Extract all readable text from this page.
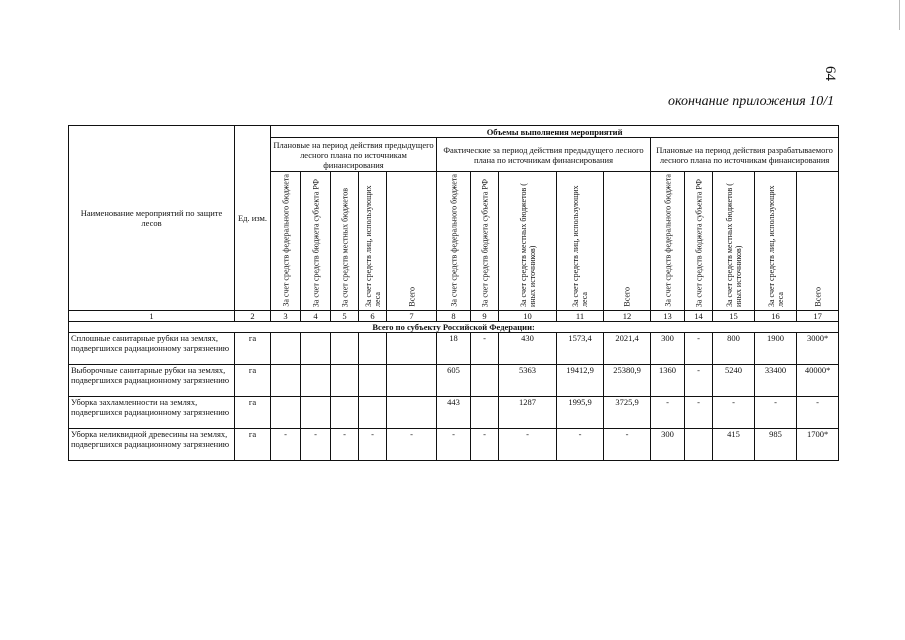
64
окончание приложения 10/1
Наименование мероприятий по защите лесов	Ед. изм.	Объемы выполнения мероприятий														
		Плановые на период действия предыдущего лесного плана по источникам финансирования					Фактические за период действия предыдущего лесного плана по источникам финансирования					Плановые на период действия разрабатываемого лесного плана по источникам финансирования				

		За счет средств федерального бюджета	За счет средств бюджета субъекта РФ	За счет средств местных бюджетов	За счет средств лиц, использующих леса	Всего	За счет средств федерального бюджета	За счет средств бюджета субъекта РФ	За счет средств местных бюджетов ( иных источников)	За счет средств лиц, использующих леса	Всего	За счет средств федерального бюджета	За счет средств бюджета субъекта РФ	За счет средств местных бюджетов ( иных источников)	За счет средств лиц, использующих леса	Всего

1	2	3	4	5	6	7	8	9	10	11	12	13	14	15	16	17
Всего по субъекту Российской Федерации:																
Сплошные санитарные рубки на землях, подвергшихся радиационному загрязнению	га						18	-	430	1573,4	2021,4	300	-	800	1900	3000*
Выборочные санитарные рубки на землях, подвергшихся радиационному загрязнению	га						605		5363	19412,9	25380,9	1360	-	5240	33400	40000*
Уборка захламленности на землях, подвергшихся радиационному загрязнению	га						443		1287	1995,9	3725,9	-	-	-	-	-
Уборка неликвидной древесины на землях, подвергшихся радиационному загрязнению	га	-	-	-	-	-	-	-	-	-	-	300		415	985	1700*
